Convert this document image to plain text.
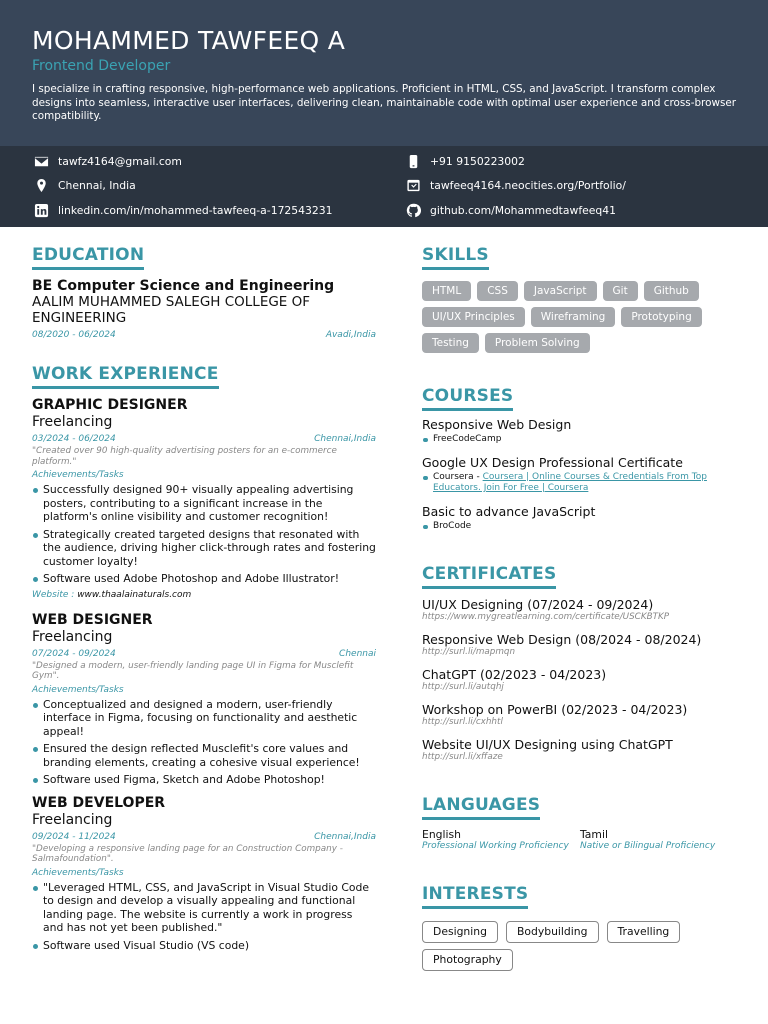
MOHAMMED TAWFEEQ A
Frontend Developer
I specialize in crafting responsive, high-performance web applications. Proficient in HTML, CSS, and JavaScript. I transform complex designs into seamless, interactive user interfaces, delivering clean, maintainable code with optimal user experience and cross-browser compatibility.
tawfz4164@gmail.com	+91 9150223002
Chennai, India	tawfeeq4164.neocities.org/Portfolio/
linkedin.com/in/mohammed-tawfeeq-a-172543231	github.com/Mohammedtawfeeq41
EDUCATION
BE Computer Science and Engineering
AALIM MUHAMMED SALEGH COLLEGE OF ENGINEERING
08/2020 - 06/2024	Avadi,India
WORK EXPERIENCE
GRAPHIC DESIGNER
Freelancing
03/2024 - 06/2024	Chennai,India
"Created over 90 high-quality advertising posters for an e-commerce platform."
Achievements/Tasks
Successfully designed 90+ visually appealing advertising posters, contributing to a significant increase in the platform's online visibility and customer recognition!
Strategically created targeted designs that resonated with the audience, driving higher click-through rates and fostering customer loyalty!
Software used Adobe Photoshop and Adobe Illustrator!
Website : www.thaalainaturals.com
WEB DESIGNER
Freelancing
07/2024 - 09/2024	Chennai
"Designed a modern, user-friendly landing page UI in Figma for Musclefit Gym".
Achievements/Tasks
Conceptualized and designed a modern, user-friendly interface in Figma, focusing on functionality and aesthetic appeal!
Ensured the design reflected Musclefit's core values and branding elements, creating a cohesive visual experience!
Software used Figma, Sketch and Adobe Photoshop!
WEB DEVELOPER
Freelancing
09/2024 - 11/2024	Chennai,India
"Developing a responsive landing page for an Construction Company - Salmafoundation".
Achievements/Tasks
"Leveraged HTML, CSS, and JavaScript in Visual Studio Code to design and develop a visually appealing and functional landing page. The website is currently a work in progress and has not yet been published."
Software used Visual Studio (VS code)
SKILLS
HTML	CSS	JavaScript	Git	Github
UI/UX Principles	Wireframing	Prototyping
Testing	Problem Solving
COURSES
Responsive Web Design
FreeCodeCamp
Google UX Design Professional Certificate
Coursera - Coursera | Online Courses & Credentials From Top Educators. Join For Free | Coursera
Basic to advance JavaScript
BroCode
CERTIFICATES
UI/UX Designing (07/2024 - 09/2024)
https://www.mygreatlearning.com/certificate/USCKBTKP
Responsive Web Design (08/2024 - 08/2024)
http://surl.li/mapmqn
ChatGPT (02/2023 - 04/2023)
http://surl.li/autqhj
Workshop on PowerBI (02/2023 - 04/2023)
http://surl.li/cxhhtl
Website UI/UX Designing using ChatGPT
http://surl.li/xffaze
LANGUAGES
English
Professional Working Proficiency
Tamil
Native or Bilingual Proficiency
INTERESTS
Designing	Bodybuilding	Travelling
Photography
